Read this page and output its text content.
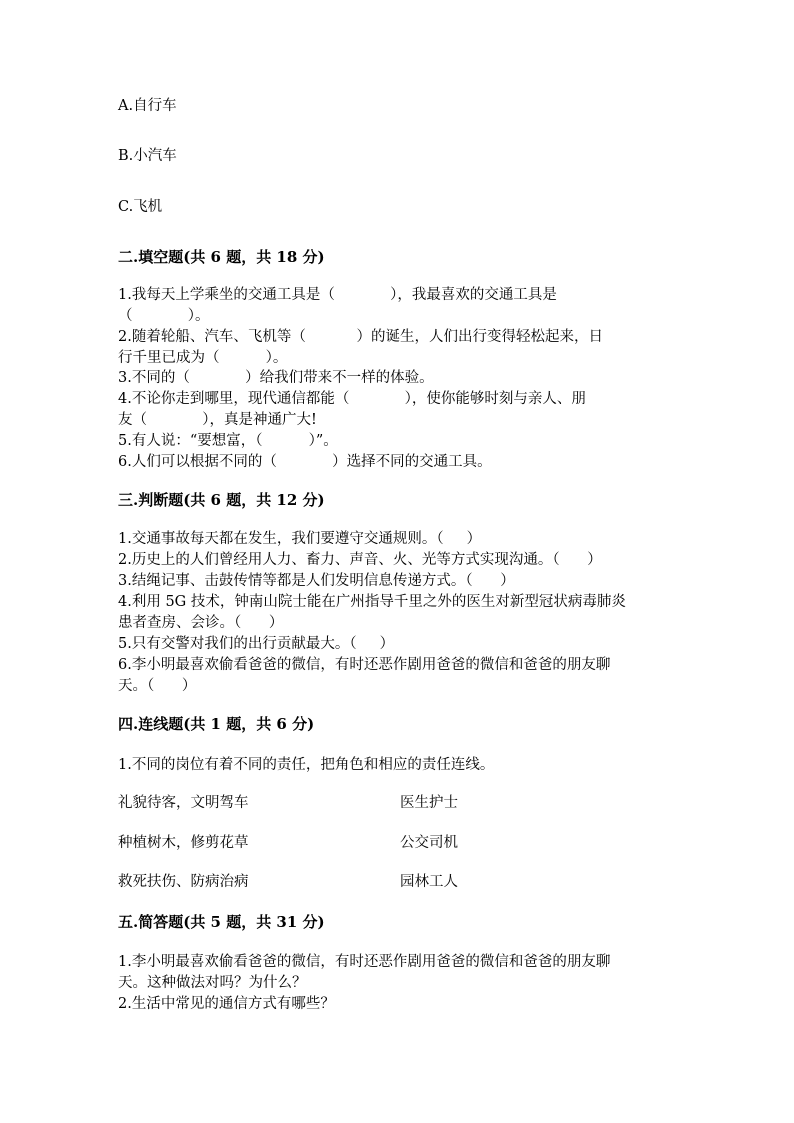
A.自行车
B.小汽车
C.飞机
二.填空题(共 6 题，共 18 分)
1.我每天上学乘坐的交通工具是（            ），我最喜欢的交通工具是
（            ）。
2.随着轮船、汽车、飞机等（           ）的诞生，人们出行变得轻松起来，日
行千里已成为（          ）。
3.不同的（            ）给我们带来不一样的体验。
4.不论你走到哪里，现代通信都能（            ），使你能够时刻与亲人、朋
友（            ），真是神通广大!
5.有人说：“要想富，（          ）”。
6.人们可以根据不同的（            ）选择不同的交通工具。
三.判断题(共 6 题，共 12 分)
1.交通事故每天都在发生，我们要遵守交通规则。（     ）
2.历史上的人们曾经用人力、畜力、声音、火、光等方式实现沟通。（      ）
3.结绳记事、击鼓传情等都是人们发明信息传递方式。（      ）
4.利用 5G 技术，钟南山院士能在广州指导千里之外的医生对新型冠状病毒肺炎
患者查房、会诊。（      ）
5.只有交警对我们的出行贡献最大。（     ）
6.李小明最喜欢偷看爸爸的微信，有时还恶作剧用爸爸的微信和爸爸的朋友聊
天。（      ）
四.连线题(共 1 题，共 6 分)
1.不同的岗位有着不同的责任，把角色和相应的责任连线。
礼貌待客，文明驾车	医生护士
种植树木，修剪花草	公交司机
救死扶伤、防病治病	园林工人
五.简答题(共 5 题，共 31 分)
1.李小明最喜欢偷看爸爸的微信，有时还恶作剧用爸爸的微信和爸爸的朋友聊
天。这种做法对吗？为什么？
2.生活中常见的通信方式有哪些？
